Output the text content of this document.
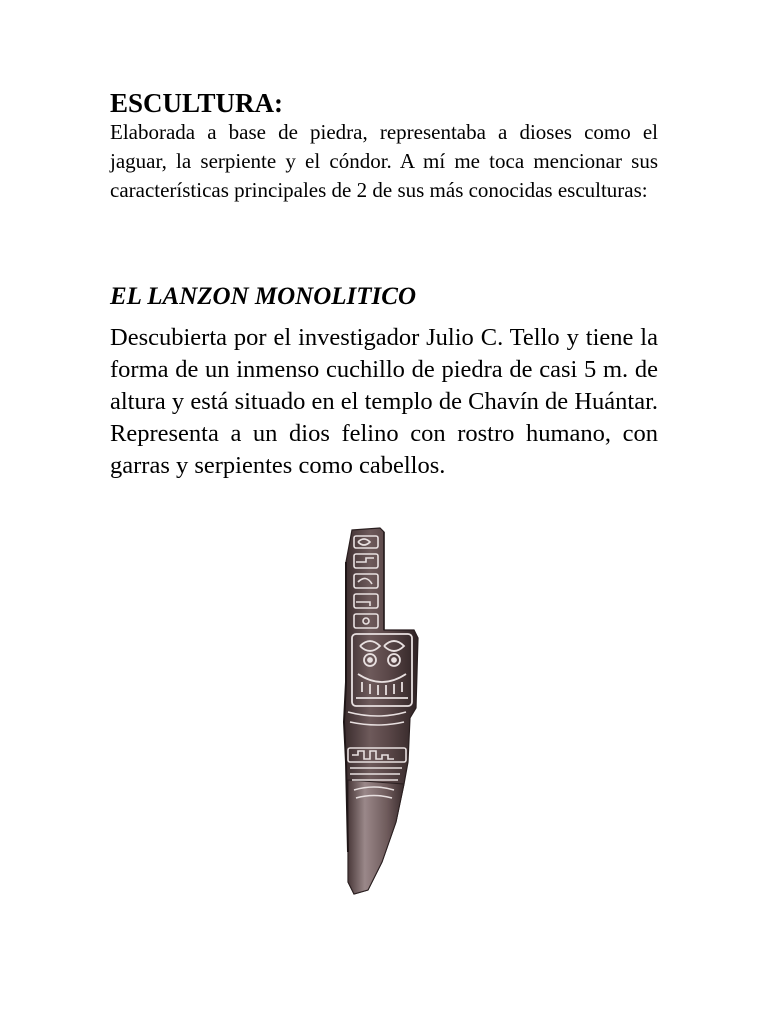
ESCULTURA:

Elaborada a base de piedra, representaba a dioses como el jaguar, la serpiente y el cóndor. A mí me toca mencionar sus características principales de 2 de sus más conocidas esculturas:

EL LANZON MONOLITICO

Descubierta por el investigador Julio C. Tello y tiene la forma de un inmenso cuchillo de piedra de casi 5 m. de altura y está situado en el templo de Chavín de Huántar. Representa a un dios felino con rostro humano, con garras y serpientes como cabellos.
